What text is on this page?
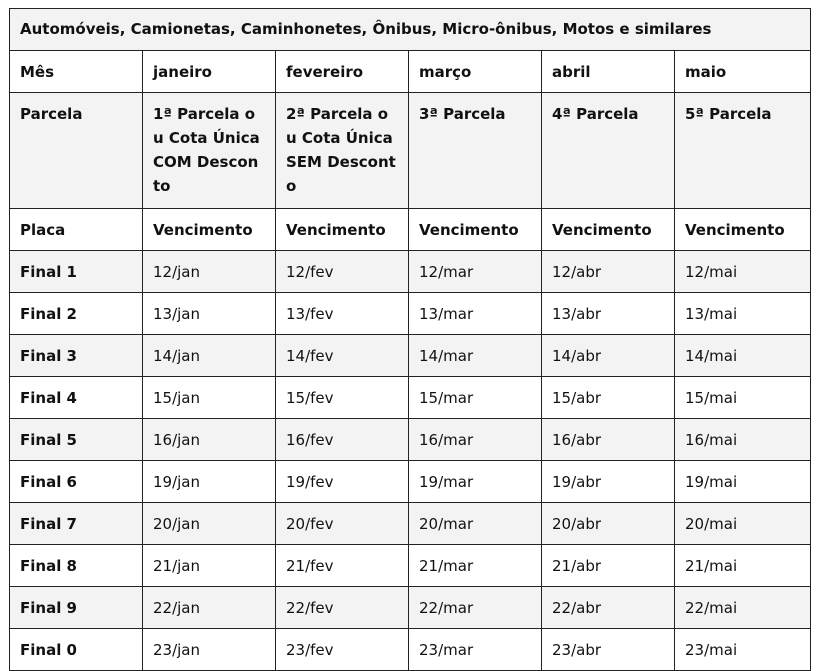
Automóveis, Camionetas, Caminhonetes, Ônibus, Micro-ônibus, Motos e similares					
Mês	janeiro	fevereiro	março	abril	maio
Parcela	1ª Parcela ou Cota Única COM Desconto	2ª Parcela ou Cota Única SEM Desconto	3ª Parcela	4ª Parcela	5ª Parcela
Placa	Vencimento	Vencimento	Vencimento	Vencimento	Vencimento
Final 1	12/jan	12/fev	12/mar	12/abr	12/mai
Final 2	13/jan	13/fev	13/mar	13/abr	13/mai
Final 3	14/jan	14/fev	14/mar	14/abr	14/mai
Final 4	15/jan	15/fev	15/mar	15/abr	15/mai
Final 5	16/jan	16/fev	16/mar	16/abr	16/mai
Final 6	19/jan	19/fev	19/mar	19/abr	19/mai
Final 7	20/jan	20/fev	20/mar	20/abr	20/mai
Final 8	21/jan	21/fev	21/mar	21/abr	21/mai
Final 9	22/jan	22/fev	22/mar	22/abr	22/mai
Final 0	23/jan	23/fev	23/mar	23/abr	23/mai
